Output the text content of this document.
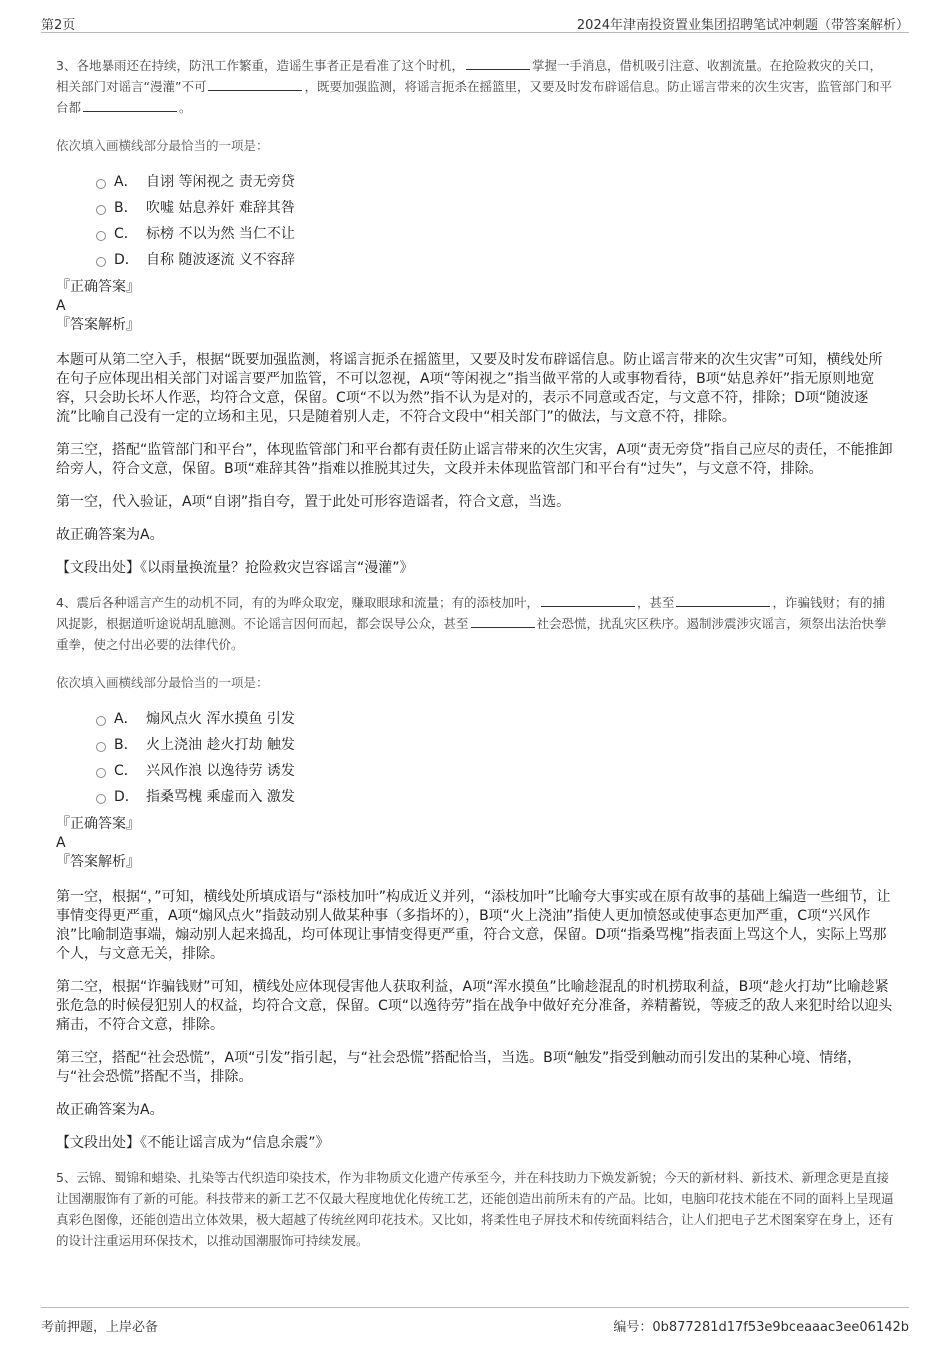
第2页	2024年津南投资置业集团招聘笔试冲刺题（带答案解析）

3、各地暴雨还在持续，防汛工作繁重，造谣生事者正是看准了这个时机，	掌握一手消息，借机吸引注意、收割流量。在抢险救灾的关口，相关部门对谣言“漫灌”不可	，既要加强监测，将谣言扼杀在摇篮里，又要及时发布辟谣信息。防止谣言带来的次生灾害，监管部门和平台都	。

依次填入画横线部分最恰当的一项是：

A． 自诩 等闲视之 责无旁贷
B． 吹嘘 姑息养奸 难辞其咎
C． 标榜 不以为然 当仁不让
D． 自称 随波逐流 义不容辞

『正确答案』

A

『答案解析』

本题可从第二空入手，根据“既要加强监测，将谣言扼杀在摇篮里，又要及时发布辟谣信息。防止谣言带来的次生灾害”可知，横线处所在句子应体现出相关部门对谣言要严加监管，不可以忽视，A项“等闲视之”指当做平常的人或事物看待，B项“姑息养奸”指无原则地宽容，只会助长坏人作恶，均符合文意，保留。C项“不以为然”指不认为是对的，表示不同意或否定，与文意不符，排除；D项“随波逐流”比喻自己没有一定的立场和主见，只是随着别人走，不符合文段中“相关部门”的做法，与文意不符，排除。

第三空，搭配“监管部门和平台”，体现监管部门和平台都有责任防止谣言带来的次生灾害，A项“责无旁贷”指自己应尽的责任，不能推卸给旁人，符合文意，保留。B项“难辞其咎”指难以推脱其过失，文段并未体现监管部门和平台有“过失”，与文意不符，排除。

第一空，代入验证，A项“自诩”指自夸，置于此处可形容造谣者，符合文意，当选。

故正确答案为A。

【文段出处】《以雨量换流量？抢险救灾岂容谣言“漫灌”》

4、震后各种谣言产生的动机不同，有的为哗众取宠，赚取眼球和流量；有的添枝加叶，	，甚至	，诈骗钱财；有的捕风捉影，根据道听途说胡乱臆测。不论谣言因何而起，都会误导公众，甚至	社会恐慌，扰乱灾区秩序。遏制涉震涉灾谣言，须祭出法治快拳重拳，使之付出必要的法律代价。

依次填入画横线部分最恰当的一项是：

A． 煽风点火 浑水摸鱼 引发
B． 火上浇油 趁火打劫 触发
C． 兴风作浪 以逸待劳 诱发
D． 指桑骂槐 乘虚而入 激发

『正确答案』

A

『答案解析』

第一空，根据“，”可知，横线处所填成语与“添枝加叶”构成近义并列，“添枝加叶”比喻夸大事实或在原有故事的基础上编造一些细节，让事情变得更严重，A项“煽风点火”指鼓动别人做某种事（多指坏的），B项“火上浇油”指使人更加愤怒或使事态更加严重，C项“兴风作浪”比喻制造事端，煽动别人起来捣乱，均可体现让事情变得更严重，符合文意，保留。D项“指桑骂槐”指表面上骂这个人，实际上骂那个人，与文意无关，排除。

第二空，根据“诈骗钱财”可知，横线处应体现侵害他人获取利益，A项“浑水摸鱼”比喻趁混乱的时机捞取利益，B项“趁火打劫”比喻趁紧张危急的时候侵犯别人的权益，均符合文意，保留。C项“以逸待劳”指在战争中做好充分准备，养精蓄锐，等疲乏的敌人来犯时给以迎头痛击，不符合文意，排除。

第三空，搭配“社会恐慌”，A项“引发”指引起，与“社会恐慌”搭配恰当，当选。B项“触发”指受到触动而引发出的某种心境、情绪，与“社会恐慌”搭配不当，排除。

故正确答案为A。

【文段出处】《不能让谣言成为“信息余震”》

5、云锦、蜀锦和蜡染、扎染等古代织造印染技术，作为非物质文化遗产传承至今，并在科技助力下焕发新貌；今天的新材料、新技术、新理念更是直接让国潮服饰有了新的可能。科技带来的新工艺不仅最大程度地优化传统工艺，还能创造出前所未有的产品。比如，电脑印花技术能在不同的面料上呈现逼真彩色图像，还能创造出立体效果，极大超越了传统丝网印花技术。又比如，将柔性电子屏技术和传统面料结合，让人们把电子艺术图案穿在身上，还有的设计注重运用环保技术，以推动国潮服饰可持续发展。

考前押题，上岸必备	编号：0b877281d17f53e9bceaaac3ee06142b
